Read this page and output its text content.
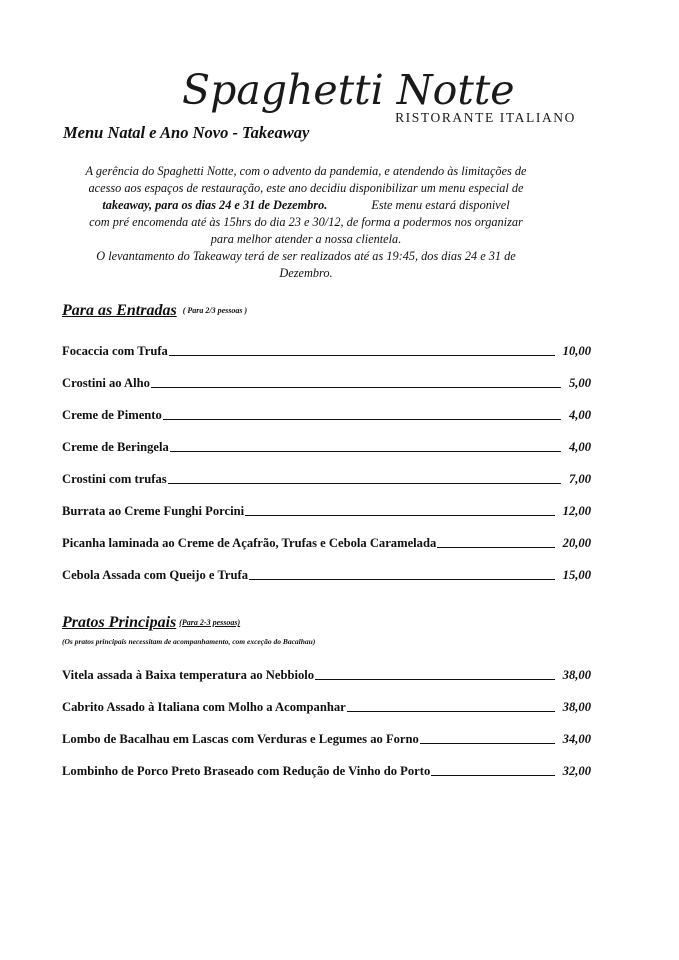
Spaghetti Notte
RISTORANTE ITALIANO
Menu Natal e Ano Novo - Takeaway
A gerência do Spaghetti Notte, com o advento da pandemia, e atendendo às limitações de
acesso aos espaços de restauração, este ano decidiu disponibilizar um menu especial de
takeaway, para os dias 24 e 31 de Dezembro.	Este menu estará disponivel
com pré encomenda até às 15hrs do dia 23 e 30/12, de forma a podermos nos organizar
para melhor atender a nossa clientela.
O levantamento do Takeaway terá de ser realizados até as 19:45, dos dias 24 e 31 de
Dezembro.
Para as Entradas ( Para 2/3 pessoas )
Focaccia com Trufa	10,00
Crostini ao Alho	5,00
Creme de Pimento	4,00
Creme de Beringela	4,00
Crostini com trufas	7,00
Burrata ao Creme Funghi Porcini	12,00
Picanha laminada ao Creme de Açafrão, Trufas e Cebola Caramelada	20,00
Cebola Assada com Queijo e Trufa	15,00
Pratos Principais (Para 2-3 pessoas)
(Os pratos principais necessitam de acompanhamento, com exceção do Bacalhau)
Vitela assada à Baixa temperatura ao Nebbiolo	38,00
Cabrito Assado à Italiana com Molho a Acompanhar	38,00
Lombo de Bacalhau em Lascas com Verduras e Legumes ao Forno	34,00
Lombinho de Porco Preto Braseado com Redução de Vinho do Porto	32,00
